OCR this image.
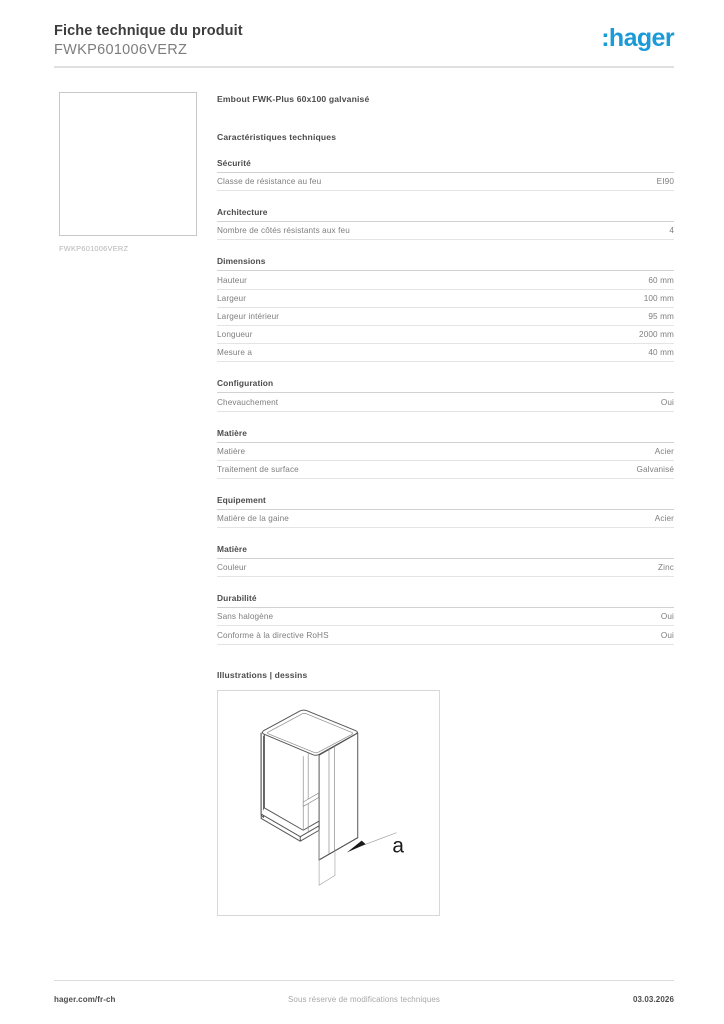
Fiche technique du produit
FWKP601006VERZ	:hager
FWKP601006VERZ
Embout FWK-Plus 60x100 galvanisé
Caractéristiques techniques
Sécurité
Classe de résistance au feu	EI90
Architecture
Nombre de côtés résistants aux feu	4
Dimensions
Hauteur	60 mm
Largeur	100 mm
Largeur intérieur	95 mm
Longueur	2000 mm
Mesure a	40 mm
Configuration
Chevauchement	Oui
Matière
Matière	Acier
Traitement de surface	Galvanisé
Equipement
Matière de la gaine	Acier
Matière
Couleur	Zinc
Durabilité
Sans halogène	Oui
Conforme à la directive RoHS	Oui
Illustrations | dessins
a
hager.com/fr-ch	Sous réserve de modifications techniques	03.03.2026
